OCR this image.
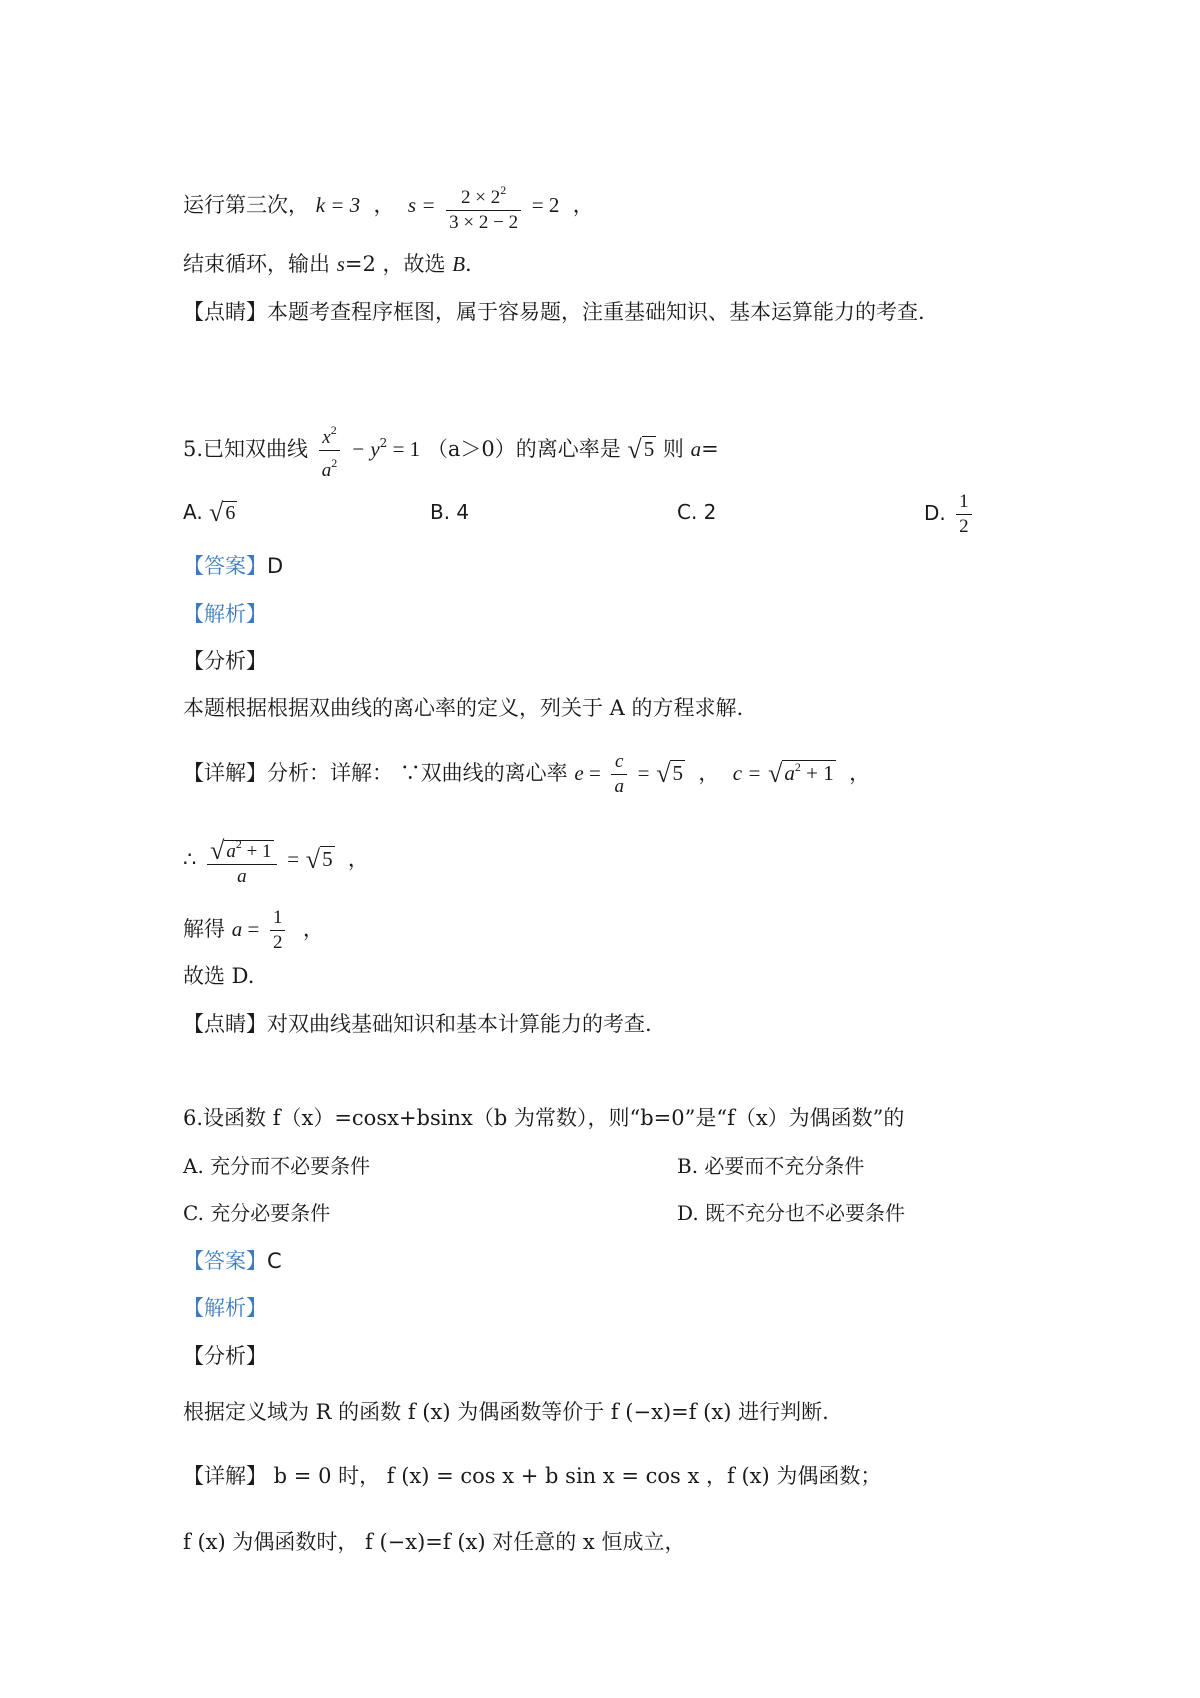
运行第三次， k = 3  ，  $s = \frac{2 \times 2^2}{3 \times 2 - 2} = 2$ ，
结束循环，输出 s=2 ，故选 B.
【点睛】本题考查程序框图，属于容易题，注重基础知识、基本运算能力的考查.
5.已知双曲线 $\frac{x^2}{a^2} - y^2 = 1$ （a＞0）的离心率是 √5 则 a=
A. √ 6	B. 4	C. 2	D. $\frac{1}{2}$
【答案】D
【解析】
【分析】
本题根据根据双曲线的离心率的定义，列关于 A 的方程求解.
【详解】分析：详解： ∵双曲线的离心率 $e = \frac{c}{a} = √5$ ， $c = √a^2 + 1$ ，
∴ $\frac{√ a^2 + 1}{a} = √5$ ，
解得 $a = \frac{1}{2}$ ，
故选 D.
【点睛】对双曲线基础知识和基本计算能力的考查.
6.设函数 f（x）=cosx+bsinx（b 为常数），则“b=0”是“f（x）为偶函数”的
A. 充分而不必要条件	B. 必要而不充分条件
C. 充分必要条件	D. 既不充分也不必要条件
【答案】C
【解析】
【分析】
根据定义域为 R 的函数 f (x) 为偶函数等价于 f (−x)=f (x) 进行判断.
【详解】 b = 0 时， f (x) = cos x + b sin x = cos x ，f (x) 为偶函数；
f (x) 为偶函数时， f (−x)=f (x) 对任意的 x 恒成立，
